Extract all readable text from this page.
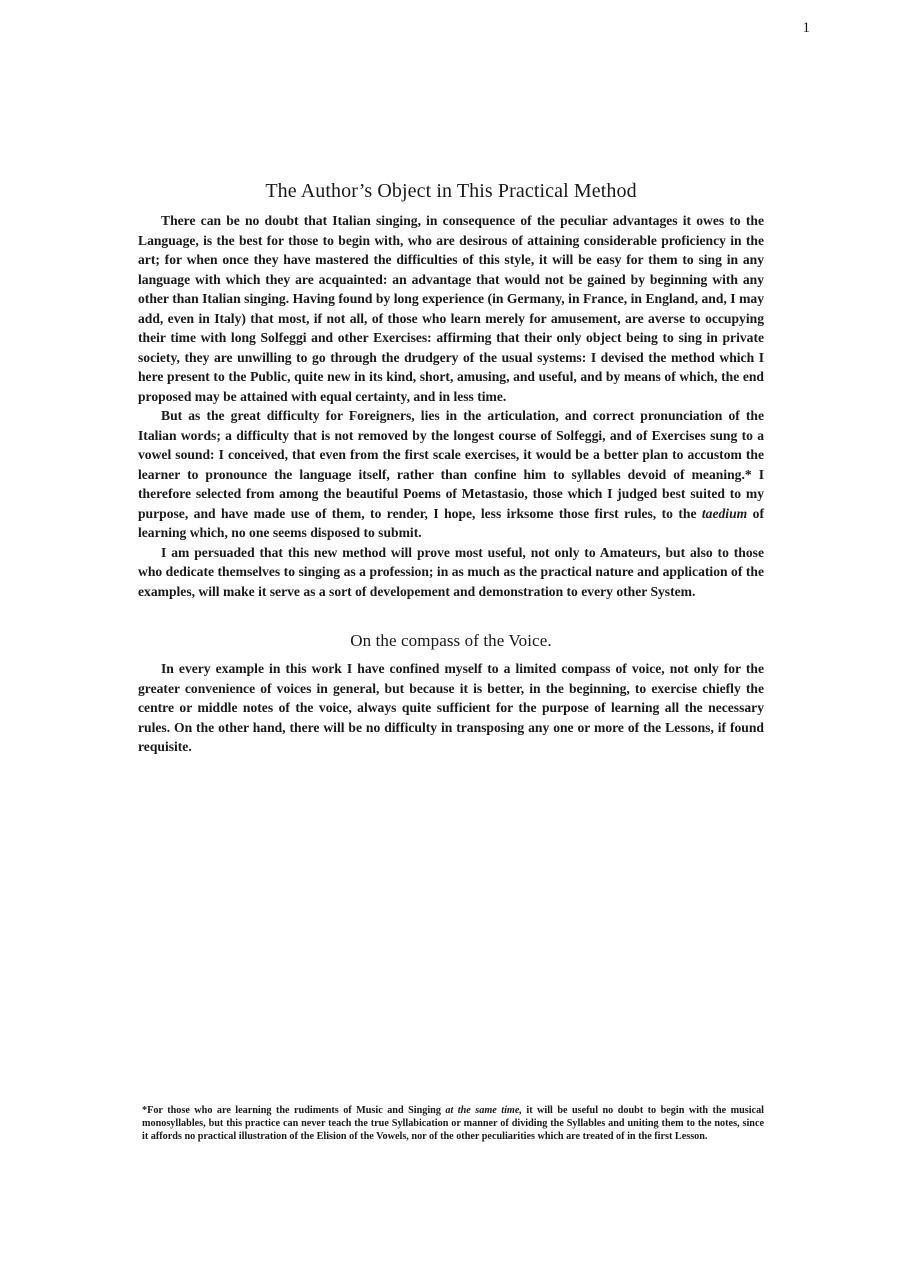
1
The Author’s Object in This Practical Method

There can be no doubt that Italian singing, in consequence of the peculiar advantages it owes to the Language, is the best for those to begin with, who are desirous of attaining considerable proficiency in the art; for when once they have mastered the difficulties of this style, it will be easy for them to sing in any language with which they are acquainted: an advantage that would not be gained by beginning with any other than Italian singing. Having found by long experience (in Germany, in France, in England, and, I may add, even in Italy) that most, if not all, of those who learn merely for amusement, are averse to occupying their time with long Solfeggi and other Exercises: affirming that their only object being to sing in private society, they are unwilling to go through the drudgery of the usual systems: I devised the method which I here present to the Public, quite new in its kind, short, amusing, and useful, and by means of which, the end proposed may be attained with equal certainty, and in less time.

But as the great difficulty for Foreigners, lies in the articulation, and correct pronunciation of the Italian words; a difficulty that is not removed by the longest course of Solfeggi, and of Exercises sung to a vowel sound: I conceived, that even from the first scale exercises, it would be a better plan to accustom the learner to pronounce the language itself, rather than confine him to syllables devoid of meaning.* I therefore selected from among the beautiful Poems of Metastasio, those which I judged best suited to my purpose, and have made use of them, to render, I hope, less irksome those first rules, to the taedium of learning which, no one seems disposed to submit.

I am persuaded that this new method will prove most useful, not only to Amateurs, but also to those who dedicate themselves to singing as a profession; in as much as the practical nature and application of the examples, will make it serve as a sort of developement and demonstration to every other System.

On the compass of the Voice.

In every example in this work I have confined myself to a limited compass of voice, not only for the greater convenience of voices in general, but because it is better, in the beginning, to exercise chiefly the centre or middle notes of the voice, always quite sufficient for the purpose of learning all the necessary rules. On the other hand, there will be no difficulty in transposing any one or more of the Lessons, if found requisite.

*For those who are learning the rudiments of Music and Singing at the same time, it will be useful no doubt to begin with the musical monosyllables, but this practice can never teach the true Syllabication or manner of dividing the Syllables and uniting them to the notes, since it affords no practical illustration of the Elision of the Vowels, nor of the other peculiarities which are treated of in the first Lesson.
